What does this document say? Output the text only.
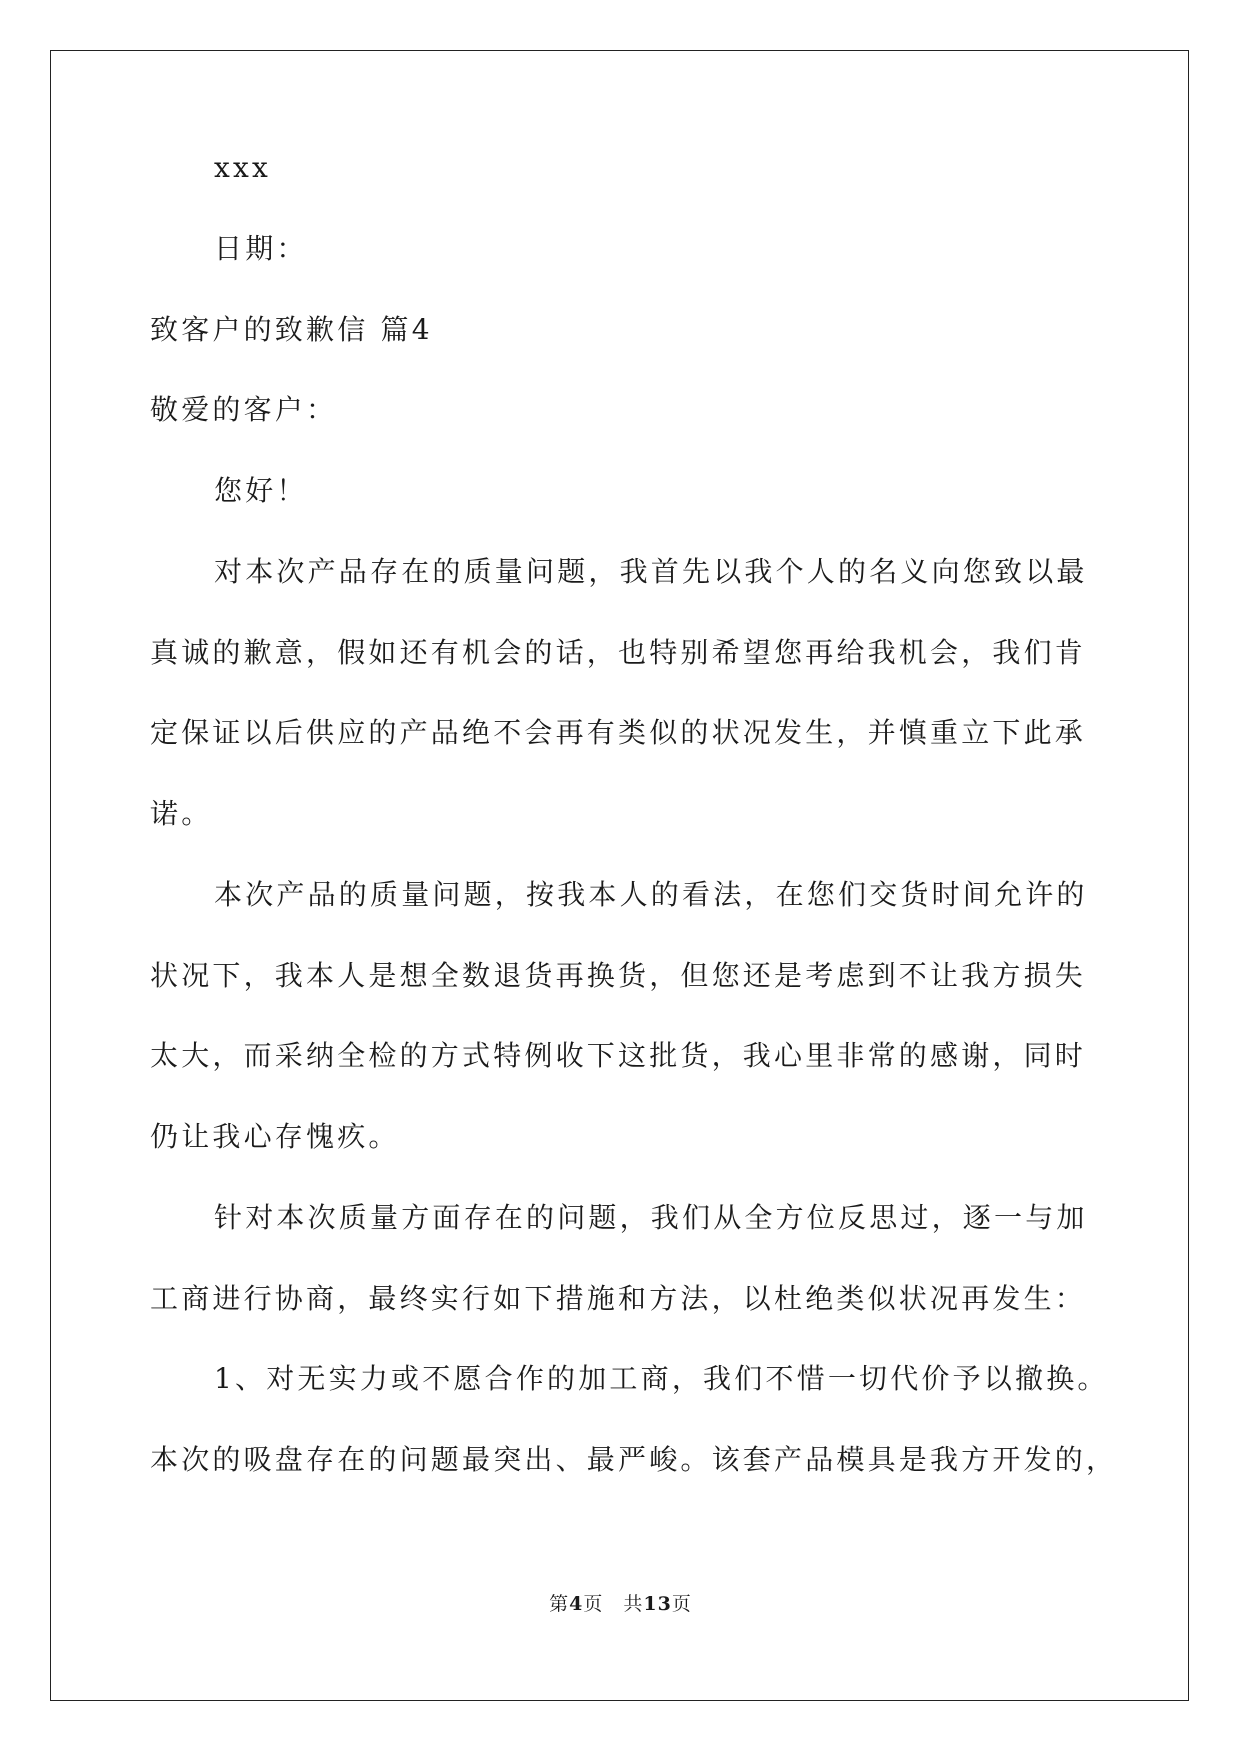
xxx
日期：
致客户的致歉信 篇4
敬爱的客户：
您好！
对本次产品存在的质量问题，我首先以我个人的名义向您致以最
真诚的歉意，假如还有机会的话，也特别希望您再给我机会，我们肯
定保证以后供应的产品绝不会再有类似的状况发生，并慎重立下此承
诺。
本次产品的质量问题，按我本人的看法，在您们交货时间允许的
状况下，我本人是想全数退货再换货，但您还是考虑到不让我方损失
太大，而采纳全检的方式特例收下这批货，我心里非常的感谢，同时
仍让我心存愧疚。
针对本次质量方面存在的问题，我们从全方位反思过，逐一与加
工商进行协商，最终实行如下措施和方法，以杜绝类似状况再发生：
1、对无实力或不愿合作的加工商，我们不惜一切代价予以撤换。
本次的吸盘存在的问题最突出、最严峻。该套产品模具是我方开发的，
第4页 共13页
